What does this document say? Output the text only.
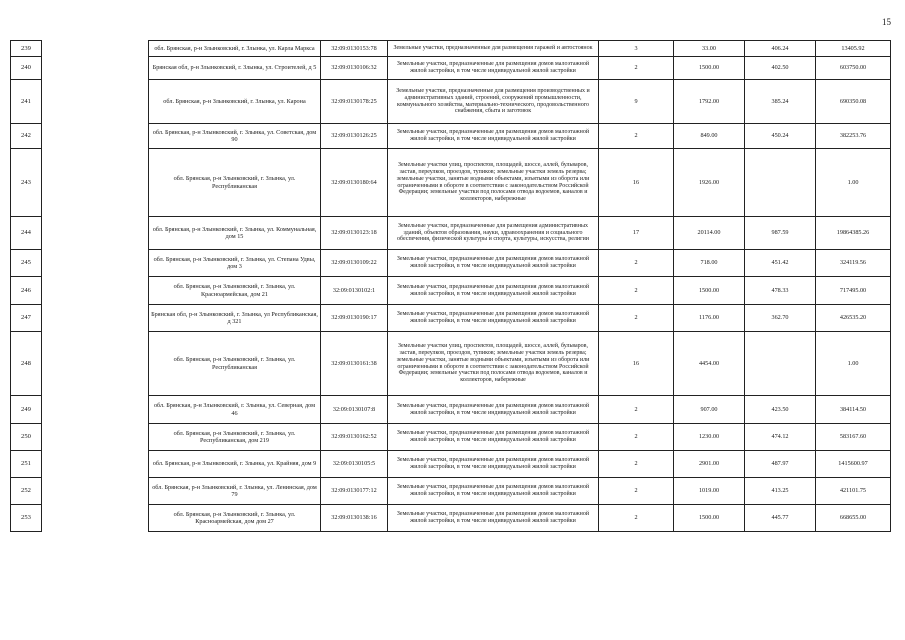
15
239		обл. Брянская, р-н Злынковский, г. Злынка, ул. Карла Маркса	32:09:0130153:78	Земельные участки, предназначенные для размещения гаражей и автостоянок	3	33.00	406.24	13405.92
240		Брянская обл, р-н Злынковский, г. Злынка, ул. Строителей, д 5	32:09:0130106:32	Земельные участки, предназначенные для размещения домов малоэтажной жилой застройки, в том числе индивидуальной жилой застройки	2	1500.00	402.50	603750.00
241		обл. Брянская, р-н Злынковский, г. Злынка, ул. Карона	32:09:0130178:25	Земельные участки, предназначенные для размещения производственных и административных зданий, строений, сооружений промышленности, коммунального хозяйства, материально-технического, продовольственного снабжения, сбыта и заготовок	9	1792.00	385.24	690350.08
242		обл. Брянская, р-н Злынковский, г. Злынка, ул. Советская, дом 90	32:09:0130126:25	Земельные участки, предназначенные для размещения домов малоэтажной жилой застройки, в том числе индивидуальной жилой застройки	2	849.00	450.24	382253.76
243		обл. Брянская, р-н Злынковский, г. Злынка, ул. Республиканская	32:09:0130180:64	Земельные участки улиц, проспектов, площадей, шоссе, аллей, бульваров, застав, переулков, проездов, тупиков; земельные участки земель резерва; земельные участки, занятые водными объектами, изъятыми из оборота или ограниченными в обороте в соответствии с законодательством Российской Федерации; земельные участки под полосами отвода водоемов, каналов и коллекторов, набережные	16	1926.00		1.00
244		обл. Брянская, р-н Злынковский, г. Злынка, ул. Коммунальная, дом 15	32:09:0130123:18	Земельные участки, предназначенные для размещения административных зданий, объектов образования, науки, здравоохранения и социального обеспечения, физической культуры и спорта, культуры, искусства, религии	17	20114.00	987.59	19864385.26
245		обл. Брянская, р-н Злынковский, г. Злынка, ул. Степана Удвы, дом 3	32:09:0130109:22	Земельные участки, предназначенные для размещения домов малоэтажной жилой застройки, в том числе индивидуальной жилой застройки	2	718.00	451.42	324119.56
246		обл. Брянская, р-н Злынковский, г. Злынка, ул. Красноармейская, дом 21	32:09:0130102:1	Земельные участки, предназначенные для размещения домов малоэтажной жилой застройки, в том числе индивидуальной жилой застройки	2	1500.00	478.33	717495.00
247		Брянская обл, р-н Злынковский, г. Злынка, ул Республиканская, д 321	32:09:0130190:17	Земельные участки, предназначенные для размещения домов малоэтажной жилой застройки, в том числе индивидуальной жилой застройки	2	1176.00	362.70	426535.20
248		обл. Брянская, р-н Злынковский, г. Злынка, ул. Республиканская	32:09:0130161:38	Земельные участки улиц, проспектов, площадей, шоссе, аллей, бульваров, застав, переулков, проездов, тупиков; земельные участки земель резерва; земельные участки, занятые водными объектами, изъятыми из оборота или ограниченными в обороте в соответствии с законодательством Российской Федерации; земельные участки под полосами отвода водоемов, каналов и коллекторов, набережные	16	4454.00		1.00
249		обл. Брянская, р-н Злынковский, г. Злынка, ул. Северная, дом 46	32:09:0130107:8	Земельные участки, предназначенные для размещения домов малоэтажной жилой застройки, в том числе индивидуальной жилой застройки	2	907.00	423.50	384114.50
250		обл. Брянская, р-н Злынковский, г. Злынка, ул. Республиканская, дом 219	32:09:0130162:52	Земельные участки, предназначенные для размещения домов малоэтажной жилой застройки, в том числе индивидуальной жилой застройки	2	1230.00	474.12	583167.60
251		обл. Брянская, р-н Злынковский, г. Злынка, ул. Крайняя, дом 9	32:09:0130105:5	Земельные участки, предназначенные для размещения домов малоэтажной жилой застройки, в том числе индивидуальной жилой застройки	2	2901.00	487.97	1415600.97
252		обл. Брянская, р-н Злынковский, г. Злынка, ул. Ленинская, дом 79	32:09:0130177:12	Земельные участки, предназначенные для размещения домов малоэтажной жилой застройки, в том числе индивидуальной жилой застройки	2	1019.00	413.25	421101.75
253		обл. Брянская, р-н Злынковский, г. Злынка, ул. Красноармейская, дом дом 27	32:09:0130138:16	Земельные участки, предназначенные для размещения домов малоэтажной жилой застройки, в том числе индивидуальной жилой застройки	2	1500.00	445.77	668655.00
